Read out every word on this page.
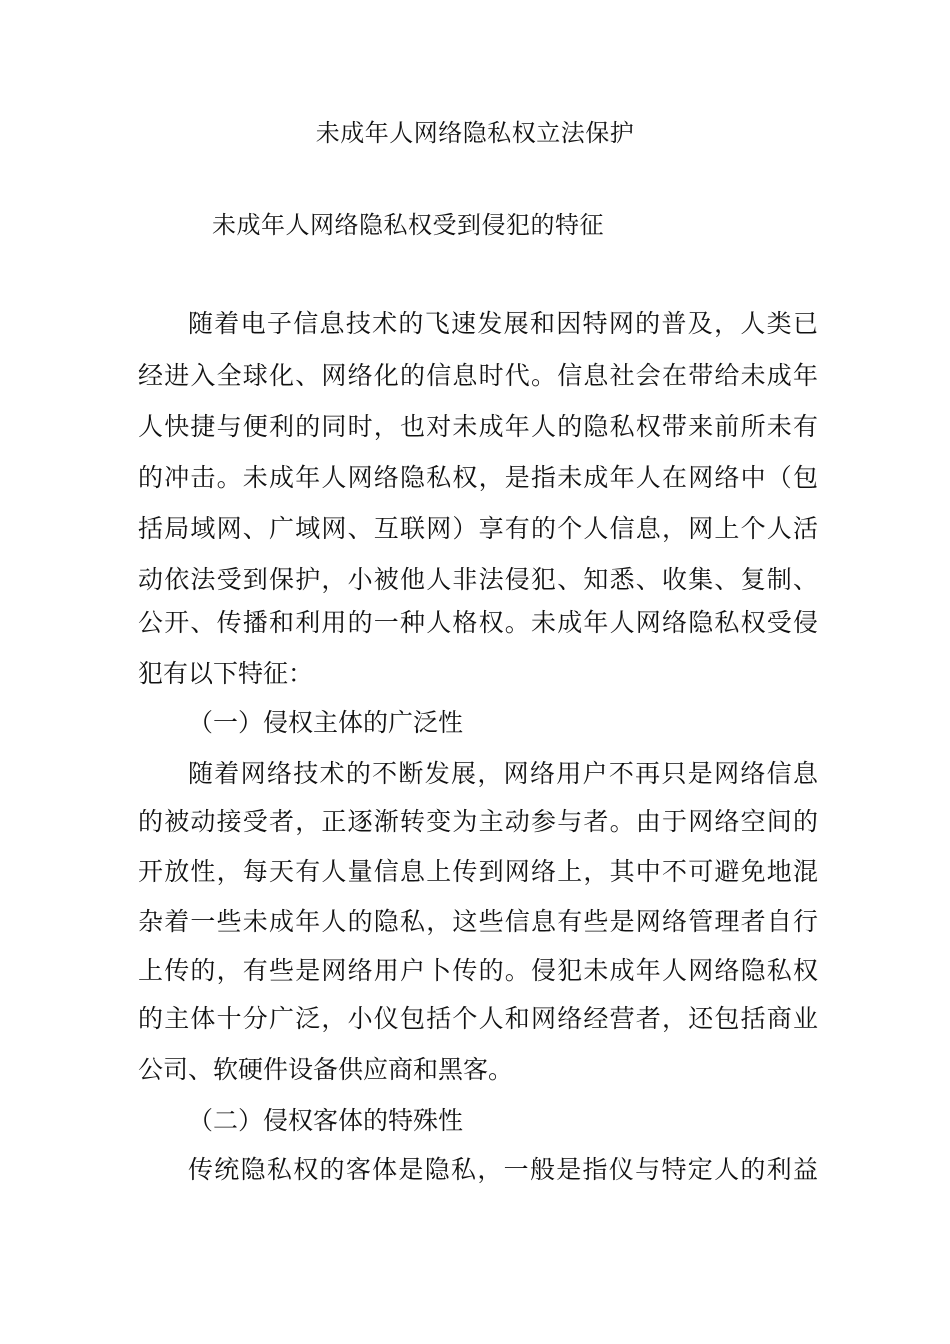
未成年人网络隐私权立法保护
未成年人网络隐私权受到侵犯的特征
随着电子信息技术的飞速发展和因特网的普及，人类已
经进入全球化、网络化的信息时代。信息社会在带给未成年
人快捷与便利的同时，也对未成年人的隐私权带来前所未有
的冲击。未成年人网络隐私权，是指未成年人在网络中（包
括局域网、广域网、互联网）享有的个人信息，网上个人活
动依法受到保护，小被他人非法侵犯、知悉、收集、复制、
公开、传播和利用的一种人格权。未成年人网络隐私权受侵
犯有以下特征：
（一）侵权主体的广泛性
随着网络技术的不断发展，网络用户不再只是网络信息
的被动接受者，正逐渐转变为主动参与者。由于网络空间的
开放性，每天有人量信息上传到网络上，其中不可避免地混
杂着一些未成年人的隐私，这些信息有些是网络管理者自行
上传的，有些是网络用户卜传的。侵犯未成年人网络隐私权
的主体十分广泛，小仪包括个人和网络经营者，还包括商业
公司、软硬件设备供应商和黑客。
（二）侵权客体的特殊性
传统隐私权的客体是隐私，一般是指仪与特定人的利益
